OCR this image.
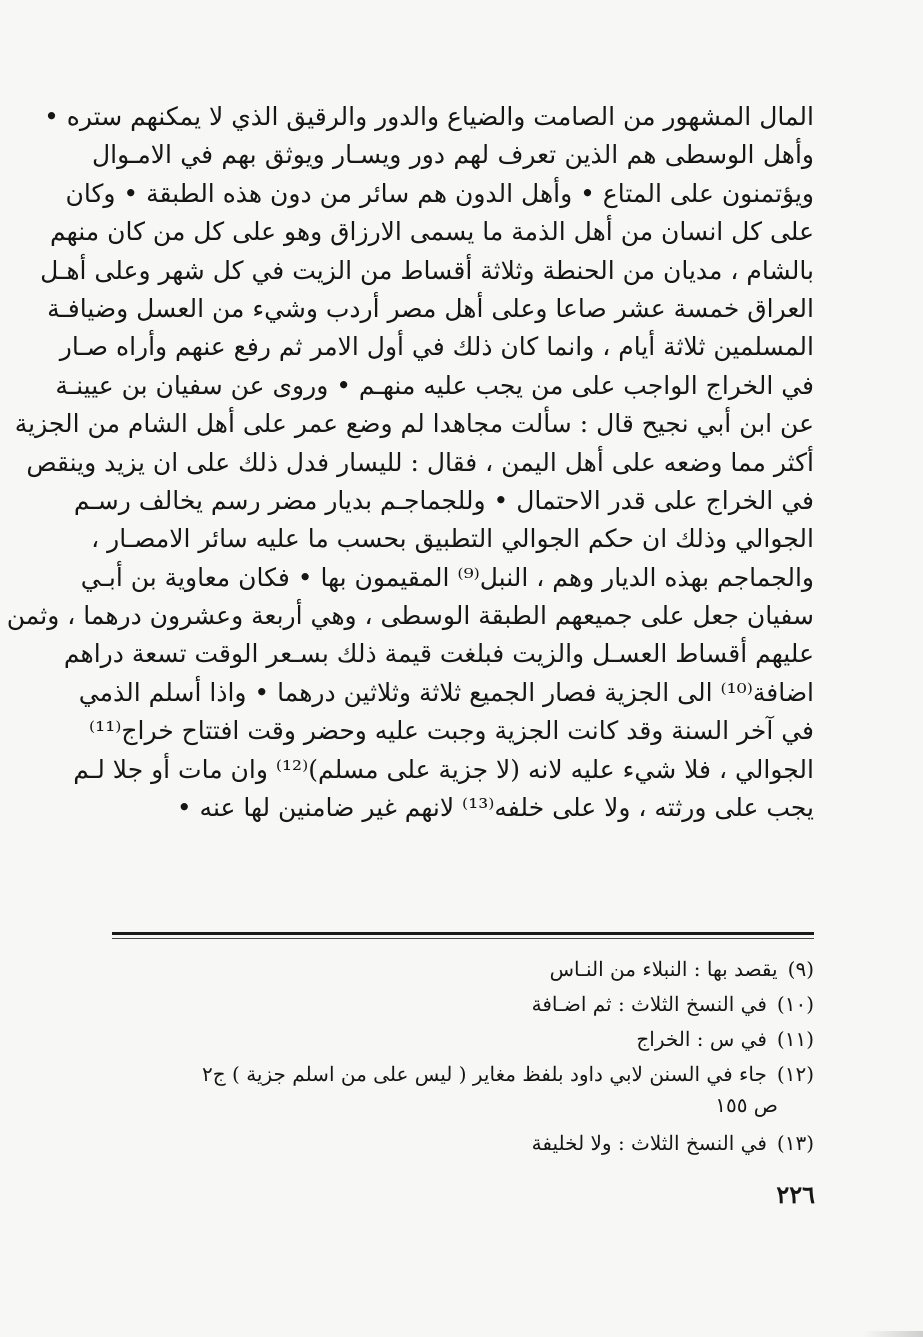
المال المشهور من الصامت والضياع والدور والرقيق الذي لا يمكنهم ستره •
وأهل الوسطى هم الذين تعرف لهم دور ويسـار ويوثق بهم في الامـوال
ويؤتمنون على المتاع • وأهل الدون هم سائر من دون هذه الطبقة • وكان
على كل انسان من أهل الذمة ما يسمى الارزاق وهو على كل من كان منهم
بالشام ، مديان من الحنطة وثلاثة أقساط من الزيت في كل شهر وعلى أهـل
العراق خمسة عشر صاعا وعلى أهل مصر أردب وشيء من العسل وضيافـة
المسلمين ثلاثة أيام ، وانما كان ذلك في أول الامر ثم رفع عنهم وأراه صـار
في الخراج الواجب على من يجب عليه منهـم • وروى عن سفيان بن عيينـة
عن ابن أبي نجيح قال : سألت مجاهدا لم وضع عمر على أهل الشام من الجزية
أكثر مما وضعه على أهل اليمن ، فقال : لليسار فدل ذلك على ان يزيد وينقص
في الخراج على قدر الاحتمال • وللجماجـم بديار مضر رسم يخالف رسـم
الجوالي وذلك ان حكم الجوالي التطبيق بحسب ما عليه سائر الامصـار ،
والجماجم بهذه الديار وهم ، النبل⁽⁹⁾ المقيمون بها • فكان معاوية بن أبـي
سفيان جعل على جميعهم الطبقة الوسطى ، وهي أربعة وعشرون درهما ، وثمن
عليهم أقساط العسـل والزيت فبلغت قيمة ذلك بسـعر الوقت تسعة دراهم
اضافة⁽¹⁰⁾ الى الجزية فصار الجميع ثلاثة وثلاثين درهما • واذا أسلم الذمي
في آخر السنة وقد كانت الجزية وجبت عليه وحضر وقت افتتاح خراج⁽¹¹⁾
الجوالي ، فلا شيء عليه لانه (لا جزية على مسلم)⁽¹²⁾ وان مات أو جلا لـم
يجب على ورثته ، ولا على خلفه⁽¹³⁾ لانهم غير ضامنين لها عنه •
(٩)يقصد بها : النبلاء من النـاس
(١٠)في النسخ الثلاث : ثم اضـافة
(١١)في س : الخراج
(١٢)جاء في السنن لابي داود بلفظ مغاير ( ليس على من اسلم جزية ) ج٢
ص ١٥٥
(١٣)في النسخ الثلاث : ولا لخليفة
٢٢٦
